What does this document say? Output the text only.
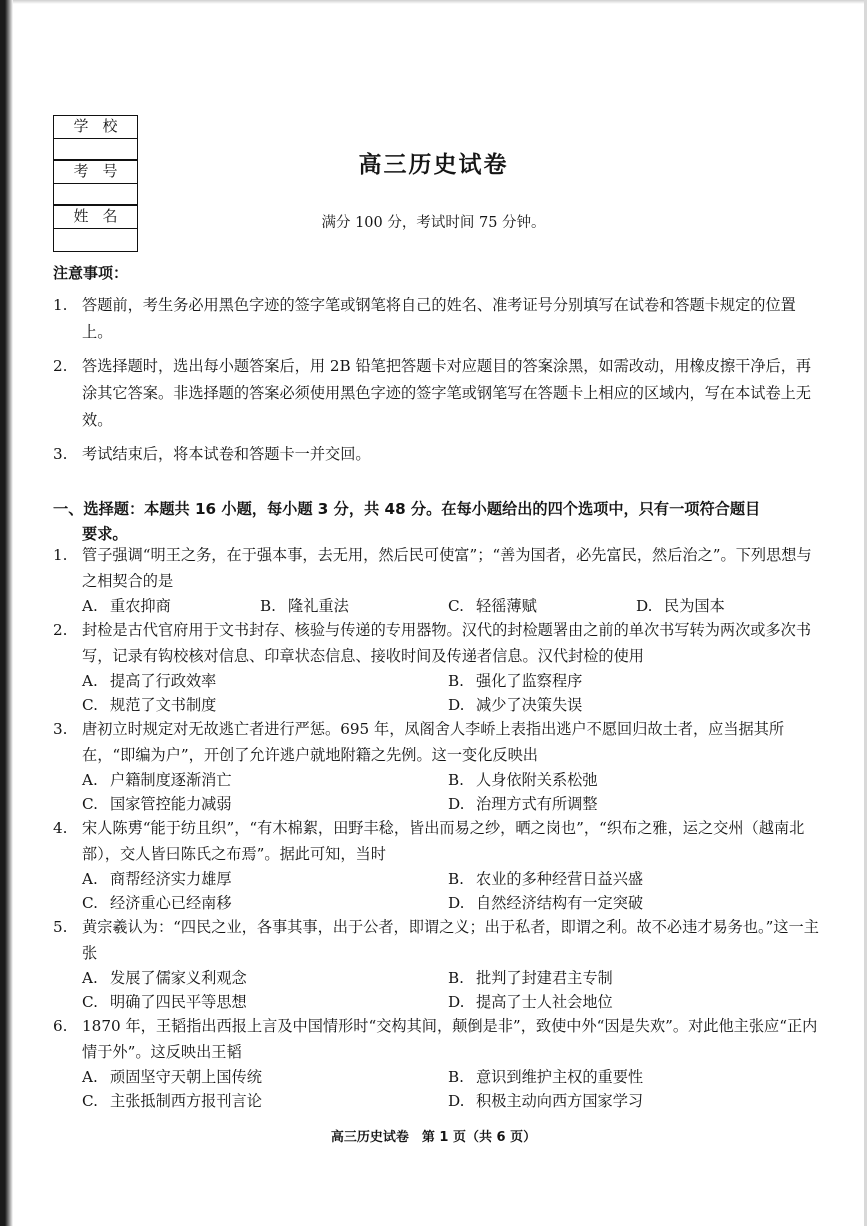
学校
考号
姓名
高三历史试卷
满分 100 分，考试时间 75 分钟。
注意事项：
1. 答题前，考生务必用黑色字迹的签字笔或钢笔将自己的姓名、准考证号分别填写在试卷和答题卡规定的位置上。
2. 答选择题时，选出每小题答案后，用 2B 铅笔把答题卡对应题目的答案涂黑，如需改动，用橡皮擦干净后，再涂其它答案。非选择题的答案必须使用黑色字迹的签字笔或钢笔写在答题卡上相应的区域内，写在本试卷上无效。
3. 考试结束后，将本试卷和答题卡一并交回。
一、选择题：本题共 16 小题，每小题 3 分，共 48 分。在每小题给出的四个选项中，只有一项符合题目
要求。
1. 管子强调“明王之务，在于强本事，去无用，然后民可使富”；“善为国者，必先富民，然后治之”。下列思想与之相契合的是
A. 重农抑商	B. 隆礼重法	C. 轻徭薄赋	D. 民为国本
2. 封检是古代官府用于文书封存、核验与传递的专用器物。汉代的封检题署由之前的单次书写转为两次或多次书写，记录有钩校核对信息、印章状态信息、接收时间及传递者信息。汉代封检的使用
A. 提高了行政效率	B. 强化了监察程序
C. 规范了文书制度	D. 减少了决策失误
3. 唐初立时规定对无故逃亡者进行严惩。695 年，凤阁舍人李峤上表指出逃户不愿回归故土者，应当据其所在，“即编为户”，开创了允许逃户就地附籍之先例。这一变化反映出
A. 户籍制度逐渐消亡	B. 人身依附关系松弛
C. 国家管控能力减弱	D. 治理方式有所调整
4. 宋人陈旉“能于纺且织”，“有木棉絮，田野丰稔，皆出而易之纱，晒之岗也”，“织布之雅，运之交州（越南北部），交人皆曰陈氏之布焉”。据此可知，当时
A. 商帮经济实力雄厚	B. 农业的多种经营日益兴盛
C. 经济重心已经南移	D. 自然经济结构有一定突破
5. 黄宗羲认为：“四民之业，各事其事，出于公者，即谓之义；出于私者，即谓之利。故不必违才易务也。”这一主张
A. 发展了儒家义利观念	B. 批判了封建君主专制
C. 明确了四民平等思想	D. 提高了士人社会地位
6. 1870 年，王韬指出西报上言及中国情形时“交构其间，颠倒是非”，致使中外“因是失欢”。对此他主张应“正内情于外”。这反映出王韬
A. 顽固坚守天朝上国传统	B. 意识到维护主权的重要性
C. 主张抵制西方报刊言论	D. 积极主动向西方国家学习
高三历史试卷　第 1 页（共 6 页）
